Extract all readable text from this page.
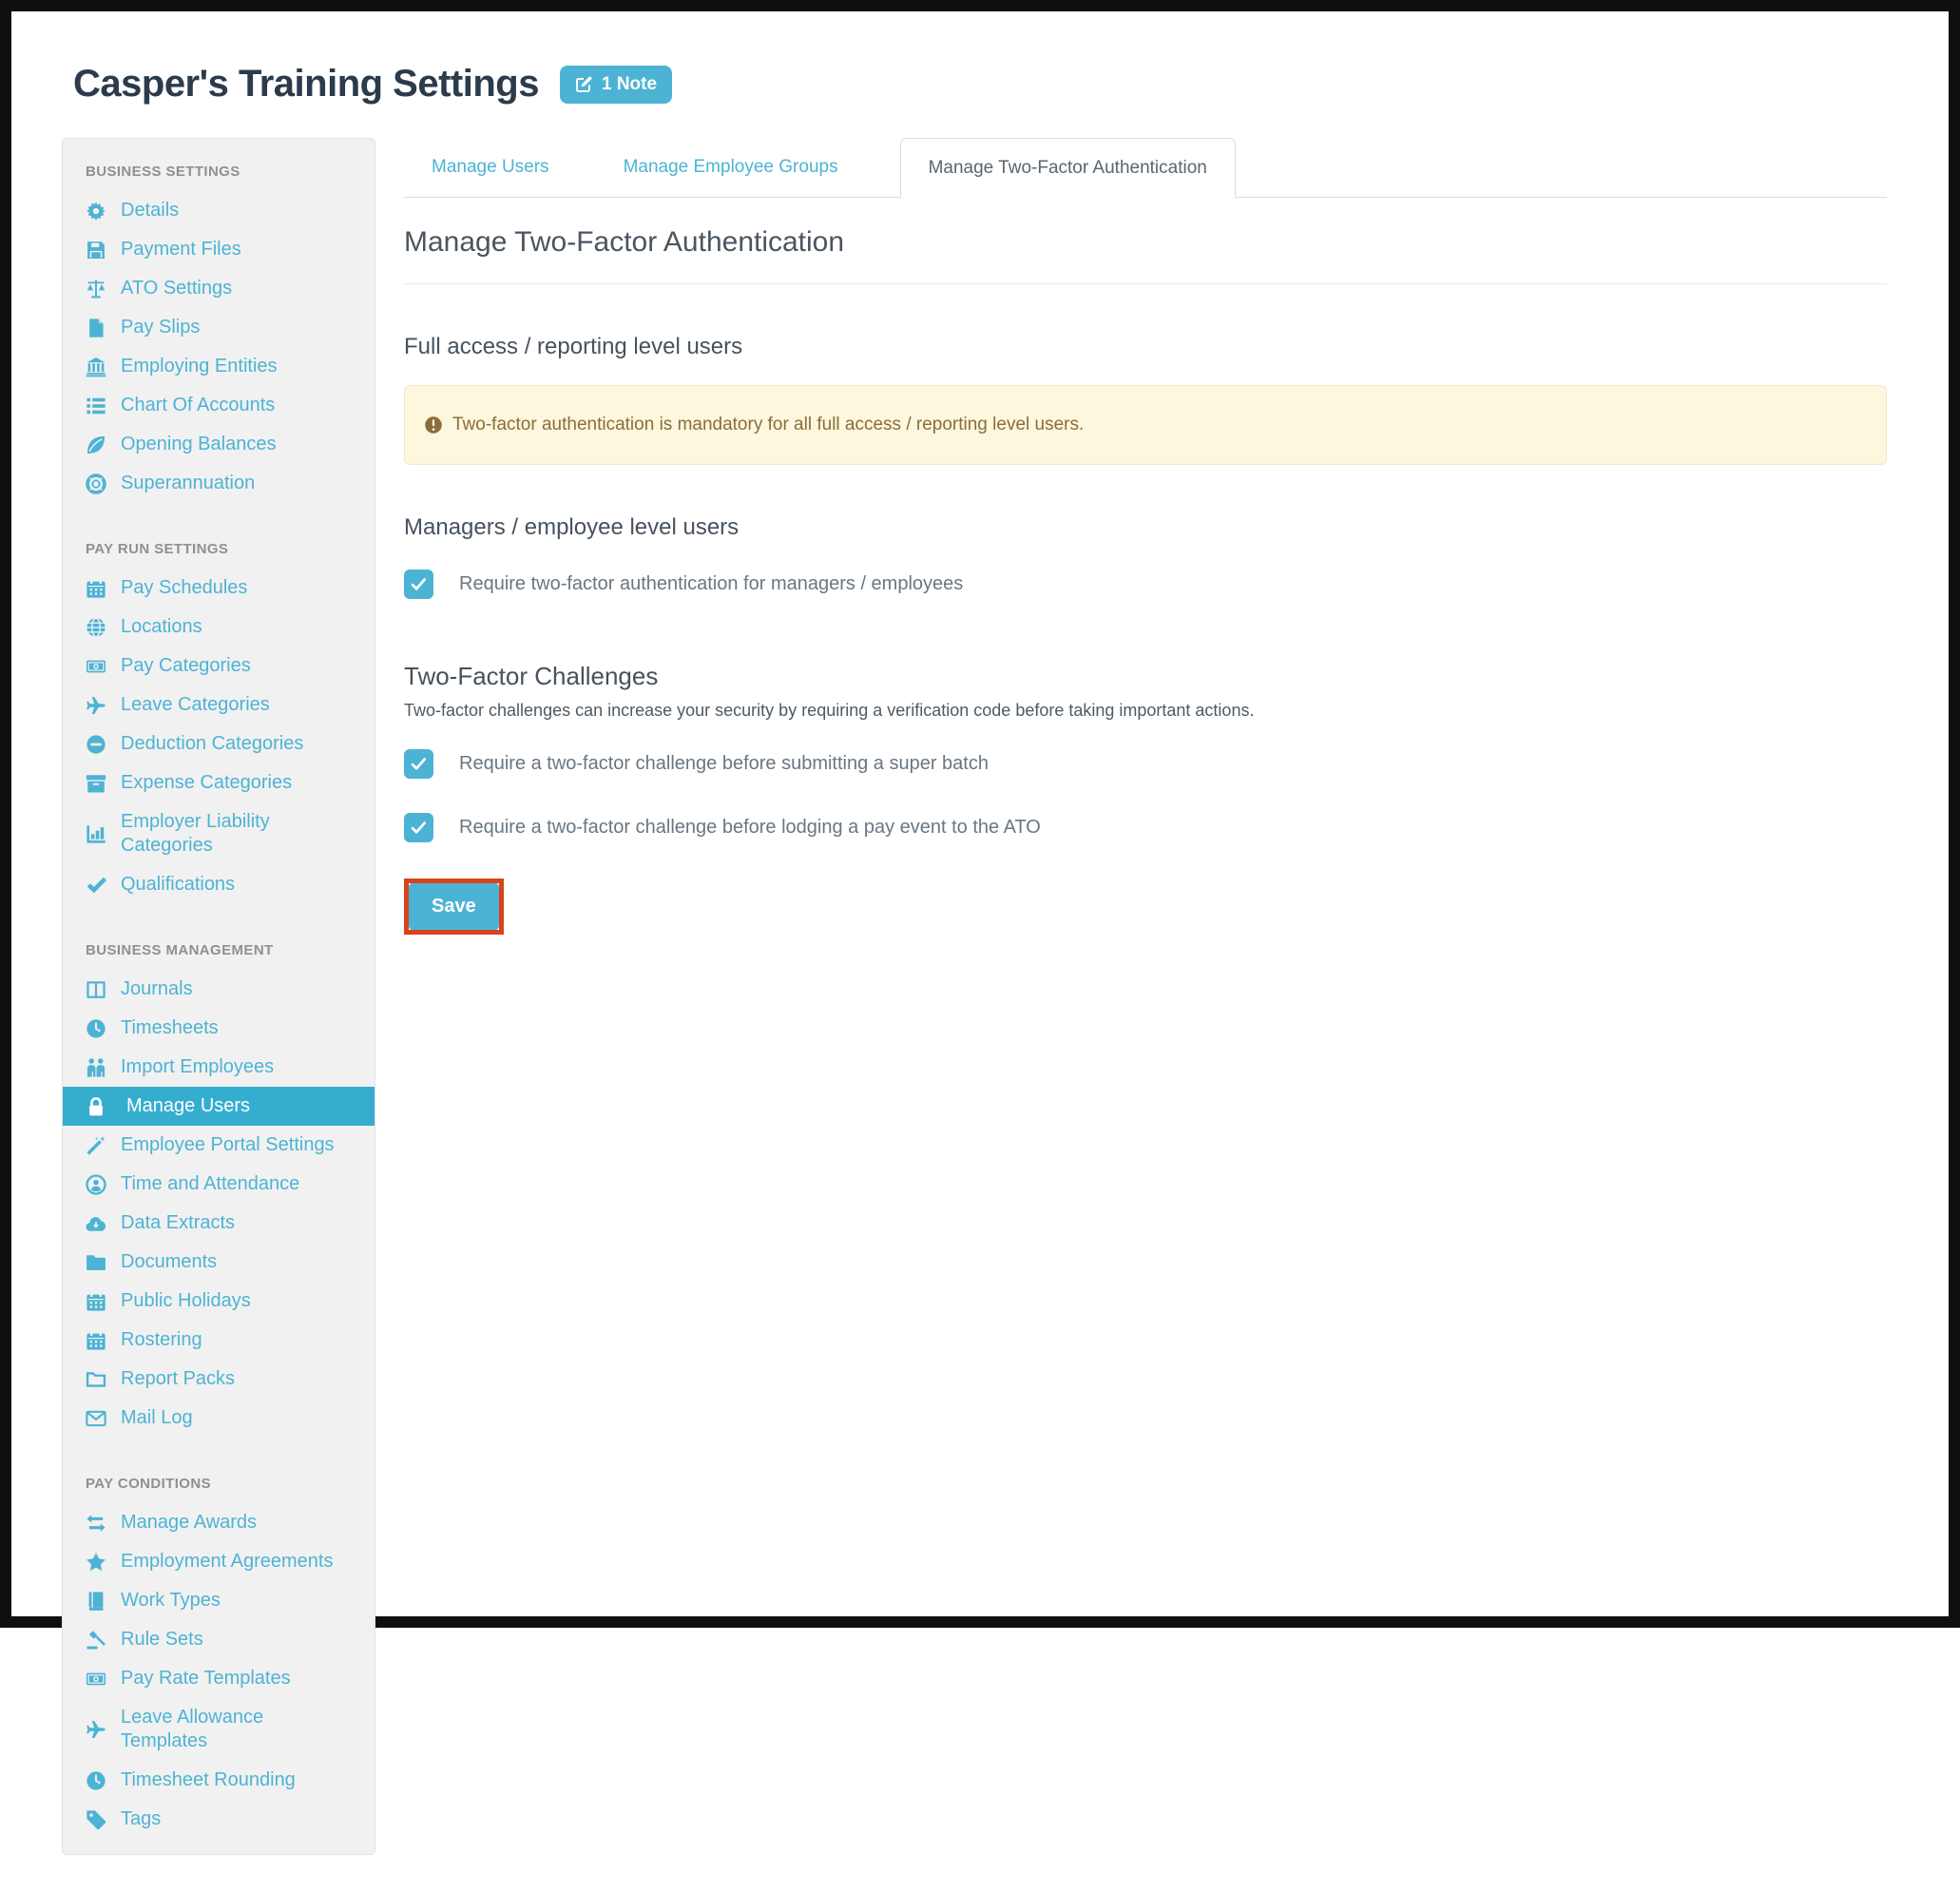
Casper's Training Settings	1 Note
BUSINESS SETTINGS
Details
Payment Files
ATO Settings
Pay Slips
Employing Entities
Chart Of Accounts
Opening Balances
Superannuation
PAY RUN SETTINGS
Pay Schedules
Locations
Pay Categories
Leave Categories
Deduction Categories
Expense Categories
Employer Liability Categories
Qualifications
BUSINESS MANAGEMENT
Journals
Timesheets
Import Employees
Manage Users
Employee Portal Settings
Time and Attendance
Data Extracts
Documents
Public Holidays
Rostering
Report Packs
Mail Log
PAY CONDITIONS
Manage Awards
Employment Agreements
Work Types
Rule Sets
Pay Rate Templates
Leave Allowance Templates
Timesheet Rounding
Tags
Manage Users	Manage Employee Groups	Manage Two-Factor Authentication
Manage Two-Factor Authentication
Full access / reporting level users
Two-factor authentication is mandatory for all full access / reporting level users.
Managers / employee level users
Require two-factor authentication for managers / employees
Two-Factor Challenges

Two-factor challenges can increase your security by requiring a verification code before taking important actions.

Require a two-factor challenge before submitting a super batch
Require a two-factor challenge before lodging a pay event to the ATO
Save
